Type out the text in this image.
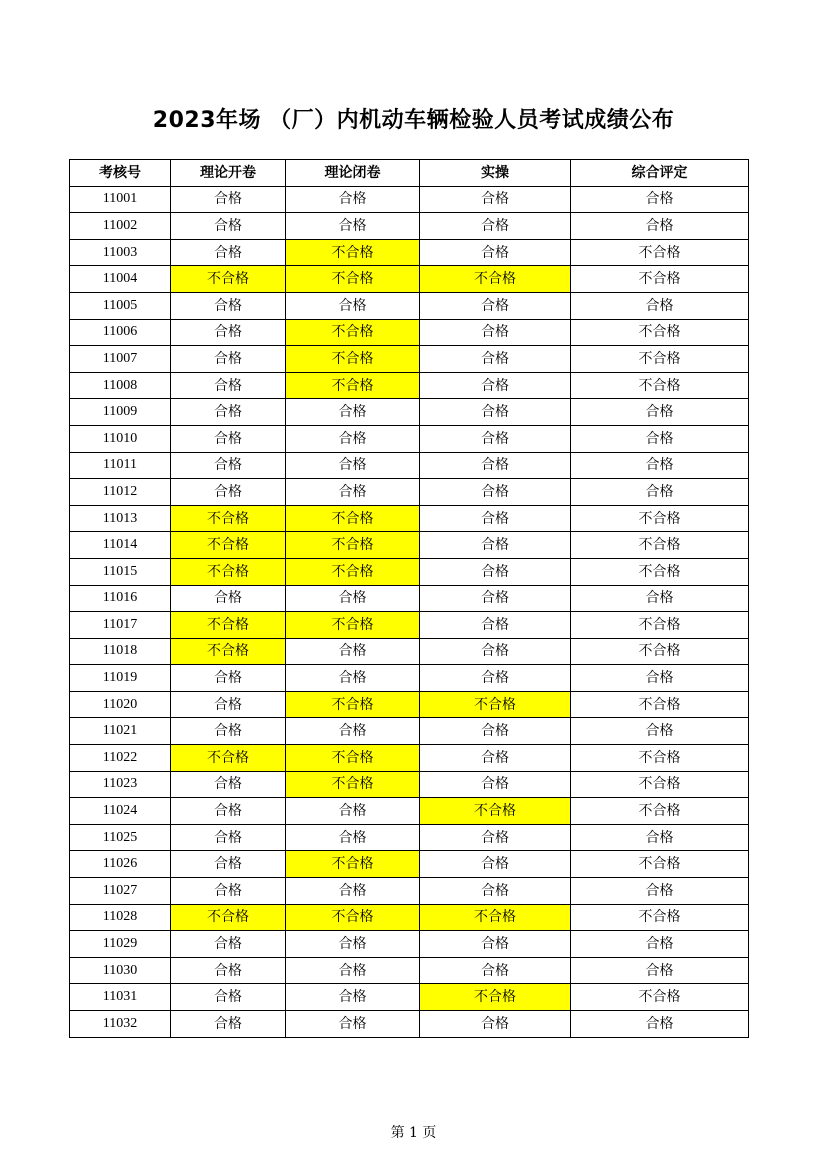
2023年场 （厂）内机动车辆检验人员考试成绩公布
考核号	理论开卷	理论闭卷	实操	综合评定
11001	合格	合格	合格	合格
11002	合格	合格	合格	合格
11003	合格	不合格	合格	不合格
11004	不合格	不合格	不合格	不合格
11005	合格	合格	合格	合格
11006	合格	不合格	合格	不合格
11007	合格	不合格	合格	不合格
11008	合格	不合格	合格	不合格
11009	合格	合格	合格	合格
11010	合格	合格	合格	合格
11011	合格	合格	合格	合格
11012	合格	合格	合格	合格
11013	不合格	不合格	合格	不合格
11014	不合格	不合格	合格	不合格
11015	不合格	不合格	合格	不合格
11016	合格	合格	合格	合格
11017	不合格	不合格	合格	不合格
11018	不合格	合格	合格	不合格
11019	合格	合格	合格	合格
11020	合格	不合格	不合格	不合格
11021	合格	合格	合格	合格
11022	不合格	不合格	合格	不合格
11023	合格	不合格	合格	不合格
11024	合格	合格	不合格	不合格
11025	合格	合格	合格	合格
11026	合格	不合格	合格	不合格
11027	合格	合格	合格	合格
11028	不合格	不合格	不合格	不合格
11029	合格	合格	合格	合格
11030	合格	合格	合格	合格
11031	合格	合格	不合格	不合格
11032	合格	合格	合格	合格
第 1 页
